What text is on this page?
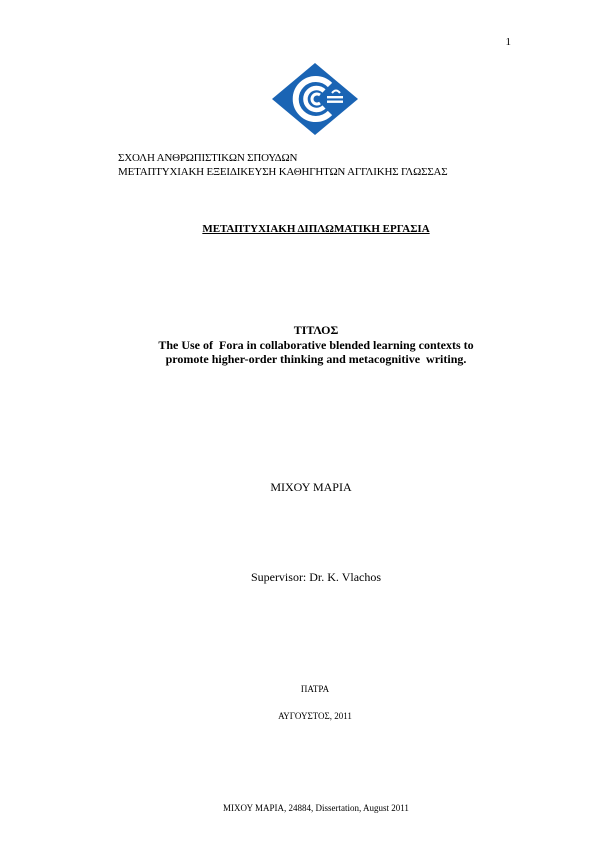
1
ΣΧΟΛΗ ΑΝΘΡΩΠΙΣΤΙΚΩΝ ΣΠΟΥΔΩΝ
ΜΕΤΑΠΤΥΧΙΑΚΗ ΕΞΕΙΔΙΚΕΥΣΗ ΚΑΘΗΓΗΤΩΝ ΑΓΓΛΙΚΗΣ ΓΛΩΣΣΑΣ
ΜΕΤΑΠΤΥΧΙΑΚΗ ΔΙΠΛΩΜΑΤΙΚΗ ΕΡΓΑΣΙΑ
ΤΙΤΛΟΣ
The Use of  Fora in collaborative blended learning contexts to
promote higher-order thinking and metacognitive  writing.
ΜΙΧΟΥ ΜΑΡΙΑ
Supervisor: Dr. K. Vlachos
ΠΑΤΡΑ
ΑΥΓΟΥΣΤΟΣ, 2011
ΜΙΧΟΥ ΜΑΡΙΑ, 24884, Dissertation, August 2011
